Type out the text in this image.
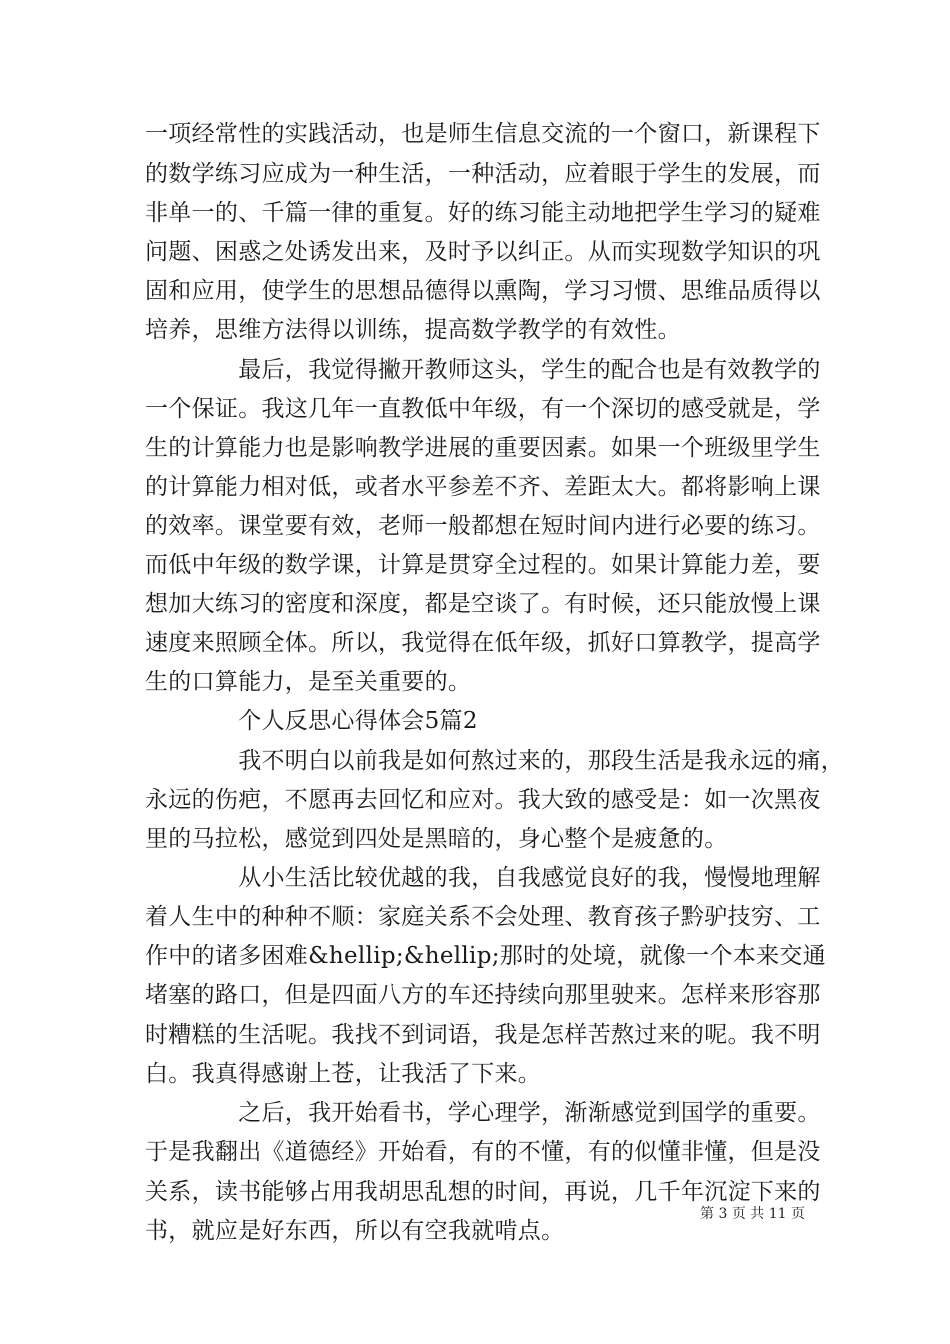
一项经常性的实践活动，也是师生信息交流的一个窗口，新课程下
的数学练习应成为一种生活，一种活动，应着眼于学生的发展，而
非单一的、千篇一律的重复。好的练习能主动地把学生学习的疑难
问题、困惑之处诱发出来，及时予以纠正。从而实现数学知识的巩
固和应用，使学生的思想品德得以熏陶，学习习惯、思维品质得以
培养，思维方法得以训练，提高数学教学的有效性。
　　　　最后，我觉得撇开教师这头，学生的配合也是有效教学的
一个保证。我这几年一直教低中年级，有一个深切的感受就是，学
生的计算能力也是影响教学进展的重要因素。如果一个班级里学生
的计算能力相对低，或者水平参差不齐、差距太大。都将影响上课
的效率。课堂要有效，老师一般都想在短时间内进行必要的练习。
而低中年级的数学课，计算是贯穿全过程的。如果计算能力差，要
想加大练习的密度和深度，都是空谈了。有时候，还只能放慢上课
速度来照顾全体。所以，我觉得在低年级，抓好口算教学，提高学
生的口算能力，是至关重要的。
　　　　个人反思心得体会5篇2
　　　　我不明白以前我是如何熬过来的，那段生活是我永远的痛，
永远的伤疤，不愿再去回忆和应对。我大致的感受是：如一次黑夜
里的马拉松，感觉到四处是黑暗的，身心整个是疲惫的。
　　　　从小生活比较优越的我，自我感觉良好的我，慢慢地理解
着人生中的种种不顺：家庭关系不会处理、教育孩子黔驴技穷、工
作中的诸多困难&hellip;&hellip;那时的处境，就像一个本来交通
堵塞的路口，但是四面八方的车还持续向那里驶来。怎样来形容那
时糟糕的生活呢。我找不到词语，我是怎样苦熬过来的呢。我不明
白。我真得感谢上苍，让我活了下来。
　　　　之后，我开始看书，学心理学，渐渐感觉到国学的重要。
于是我翻出《道德经》开始看，有的不懂，有的似懂非懂，但是没
关系，读书能够占用我胡思乱想的时间，再说，几千年沉淀下来的
书，就应是好东西，所以有空我就啃点。
第 3 页 共 11 页
